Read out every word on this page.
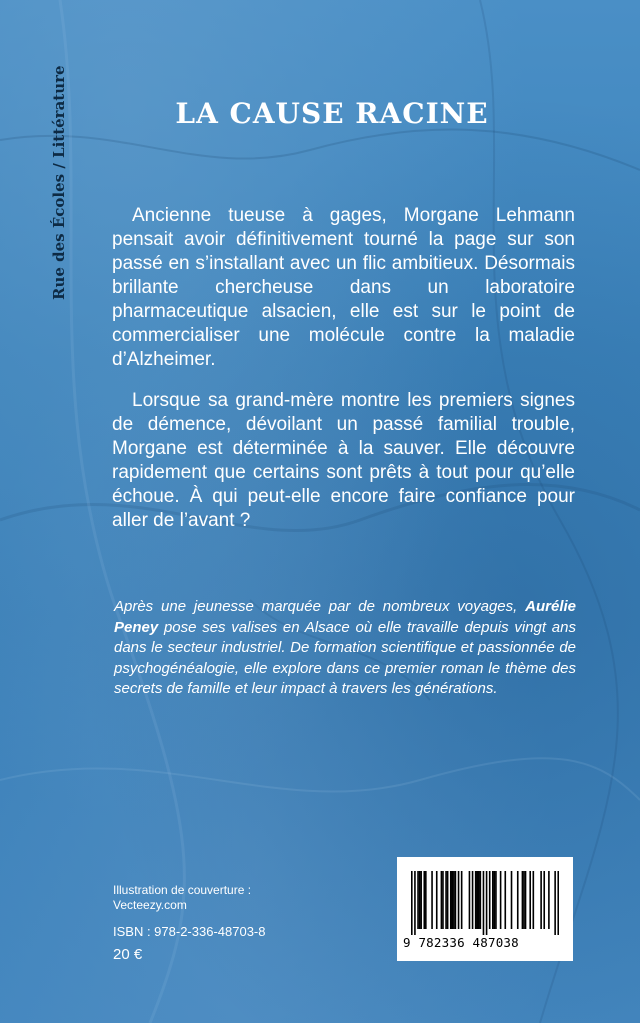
Rue des Écoles / Littérature	LA CAUSE RACINE

Ancienne tueuse à gages, Morgane Lehmann pensait avoir définitivement tourné la page sur son passé en s’installant avec un flic ambitieux. Désormais brillante chercheuse dans un laboratoire pharmaceutique alsacien, elle est sur le point de commercialiser une molécule contre la maladie d’Alzheimer.

Lorsque sa grand-mère montre les premiers signes de démence, dévoilant un passé familial trouble, Morgane est déterminée à la sauver. Elle découvre rapidement que certains sont prêts à tout pour qu’elle échoue. À qui peut-elle encore faire confiance pour aller de l’avant ?

Après une jeunesse marquée par de nombreux voyages, Aurélie Peney pose ses valises en Alsace où elle travaille depuis vingt ans dans le secteur industriel. De formation scientifique et passionnée de psychogénéalogie, elle explore dans ce premier roman le thème des secrets de famille et leur impact à travers les générations.

Illustration de couverture :
Vecteezy.com
ISBN : 978-2-336-48703-8
20 €
9 782336 487038
